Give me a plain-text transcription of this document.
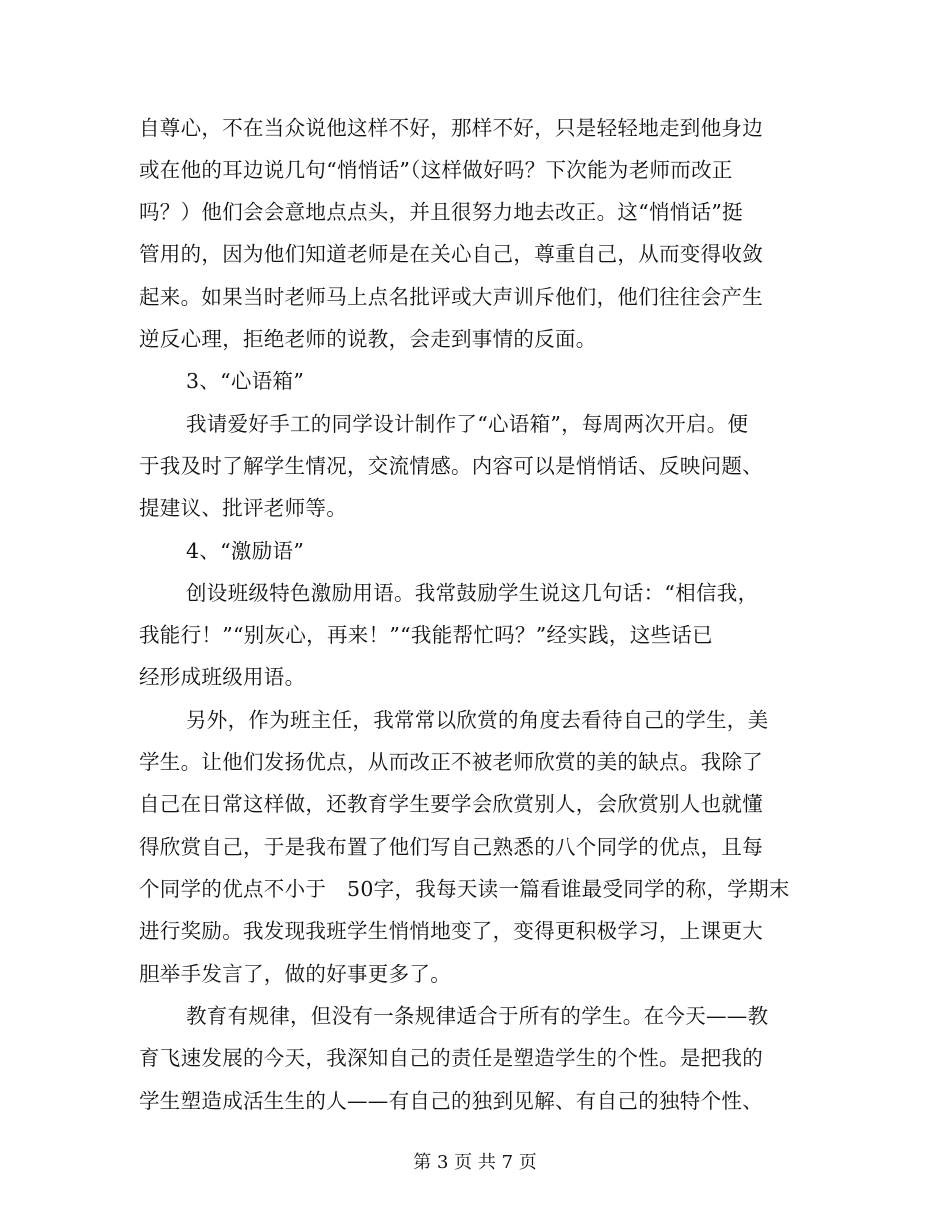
自尊心，不在当众说他这样不好，那样不好，只是轻轻地走到他身边
或在他的耳边说几句“悄悄话”（这样做好吗？下次能为老师而改正
吗？）他们会会意地点点头，并且很努力地去改正。这“悄悄话”挺
管用的，因为他们知道老师是在关心自己，尊重自己，从而变得收敛
起来。如果当时老师马上点名批评或大声训斥他们，他们往往会产生
逆反心理，拒绝老师的说教，会走到事情的反面。
3、“心语箱”
我请爱好手工的同学设计制作了“心语箱”，每周两次开启。便
于我及时了解学生情况，交流情感。内容可以是悄悄话、反映问题、
提建议、批评老师等。
4、“激励语”
创设班级特色激励用语。我常鼓励学生说这几句话：“相信我，
我能行！”“别灰心，再来！”“我能帮忙吗？”经实践，这些话已
经形成班级用语。
另外，作为班主任，我常常以欣赏的角度去看待自己的学生，美
学生。让他们发扬优点，从而改正不被老师欣赏的美的缺点。我除了
自己在日常这样做，还教育学生要学会欣赏别人，会欣赏别人也就懂
得欣赏自己，于是我布置了他们写自己熟悉的八个同学的优点，且每
个同学的优点不小于　50字，我每天读一篇看谁最受同学的称，学期末
进行奖励。我发现我班学生悄悄地变了，变得更积极学习，上课更大
胆举手发言了，做的好事更多了。
教育有规律，但没有一条规律适合于所有的学生。在今天——教
育飞速发展的今天，我深知自己的责任是塑造学生的个性。是把我的
学生塑造成活生生的人——有自己的独到见解、有自己的独特个性、
第 3 页 共 7 页
